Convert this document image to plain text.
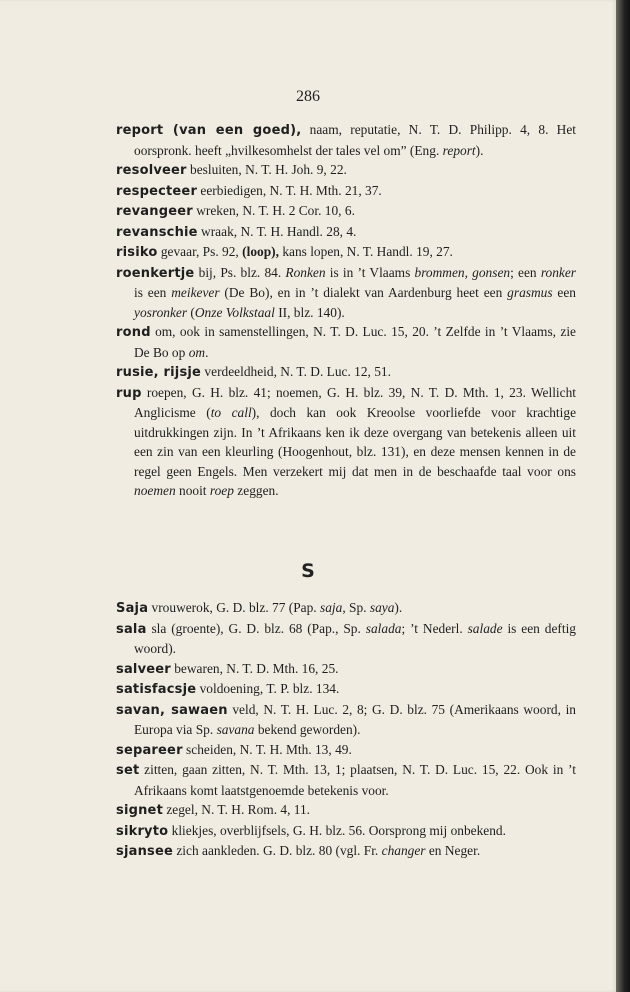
286

report (van een goed), naam, reputatie, N. T. D. Philipp. 4, 8. Het oorspronk. heeft „hvilkesomhelst der tales vel om” (Eng. report).

resolveer besluiten, N. T. H. Joh. 9, 22.

respecteer eerbiedigen, N. T. H. Mth. 21, 37.

revangeer wreken, N. T. H. 2 Cor. 10, 6.

revanschie wraak, N. T. H. Handl. 28, 4.

risiko gevaar, Ps. 92, (loop), kans lopen, N. T. Handl. 19, 27.

roenkertje bij, Ps. blz. 84. Ronken is in ’t Vlaams brommen, gonsen; een ronker is een meikever (De Bo), en in ’t dialekt van Aardenburg heet een grasmus een yosronker (Onze Volkstaal II, blz. 140).

rond om, ook in samenstellingen, N. T. D. Luc. 15, 20. ’t Zelfde in ’t Vlaams, zie De Bo op om.

rusie, rijsje verdeeldheid, N. T. D. Luc. 12, 51.

rup roepen, G. H. blz. 41; noemen, G. H. blz. 39, N. T. D. Mth. 1, 23. Wellicht Anglicisme (to call), doch kan ook Kreoolse voorliefde voor krachtige uitdrukkingen zijn. In ’t Afrikaans ken ik deze overgang van betekenis alleen uit een zin van een kleurling (Hoogenhout, blz. 131), en deze mensen kennen in de regel geen Engels. Men verzekert mij dat men in de beschaafde taal voor ons noemen nooit roep zeggen.

S

Saja vrouwerok, G. D. blz. 77 (Pap. saja, Sp. saya).

sala sla (groente), G. D. blz. 68 (Pap., Sp. salada; ’t Nederl. salade is een deftig woord).

salveer bewaren, N. T. D. Mth. 16, 25.

satisfacsje voldoening, T. P. blz. 134.

savan, sawaen veld, N. T. H. Luc. 2, 8; G. D. blz. 75 (Amerikaans woord, in Europa via Sp. savana bekend geworden).

separeer scheiden, N. T. H. Mth. 13, 49.

set zitten, gaan zitten, N. T. Mth. 13, 1; plaatsen, N. T. D. Luc. 15, 22. Ook in ’t Afrikaans komt laatstgenoemde betekenis voor.

signet zegel, N. T. H. Rom. 4, 11.

sikryto kliekjes, overblijfsels, G. H. blz. 56. Oorsprong mij onbekend.

sjansee zich aankleden. G. D. blz. 80 (vgl. Fr. changer en Neger.
